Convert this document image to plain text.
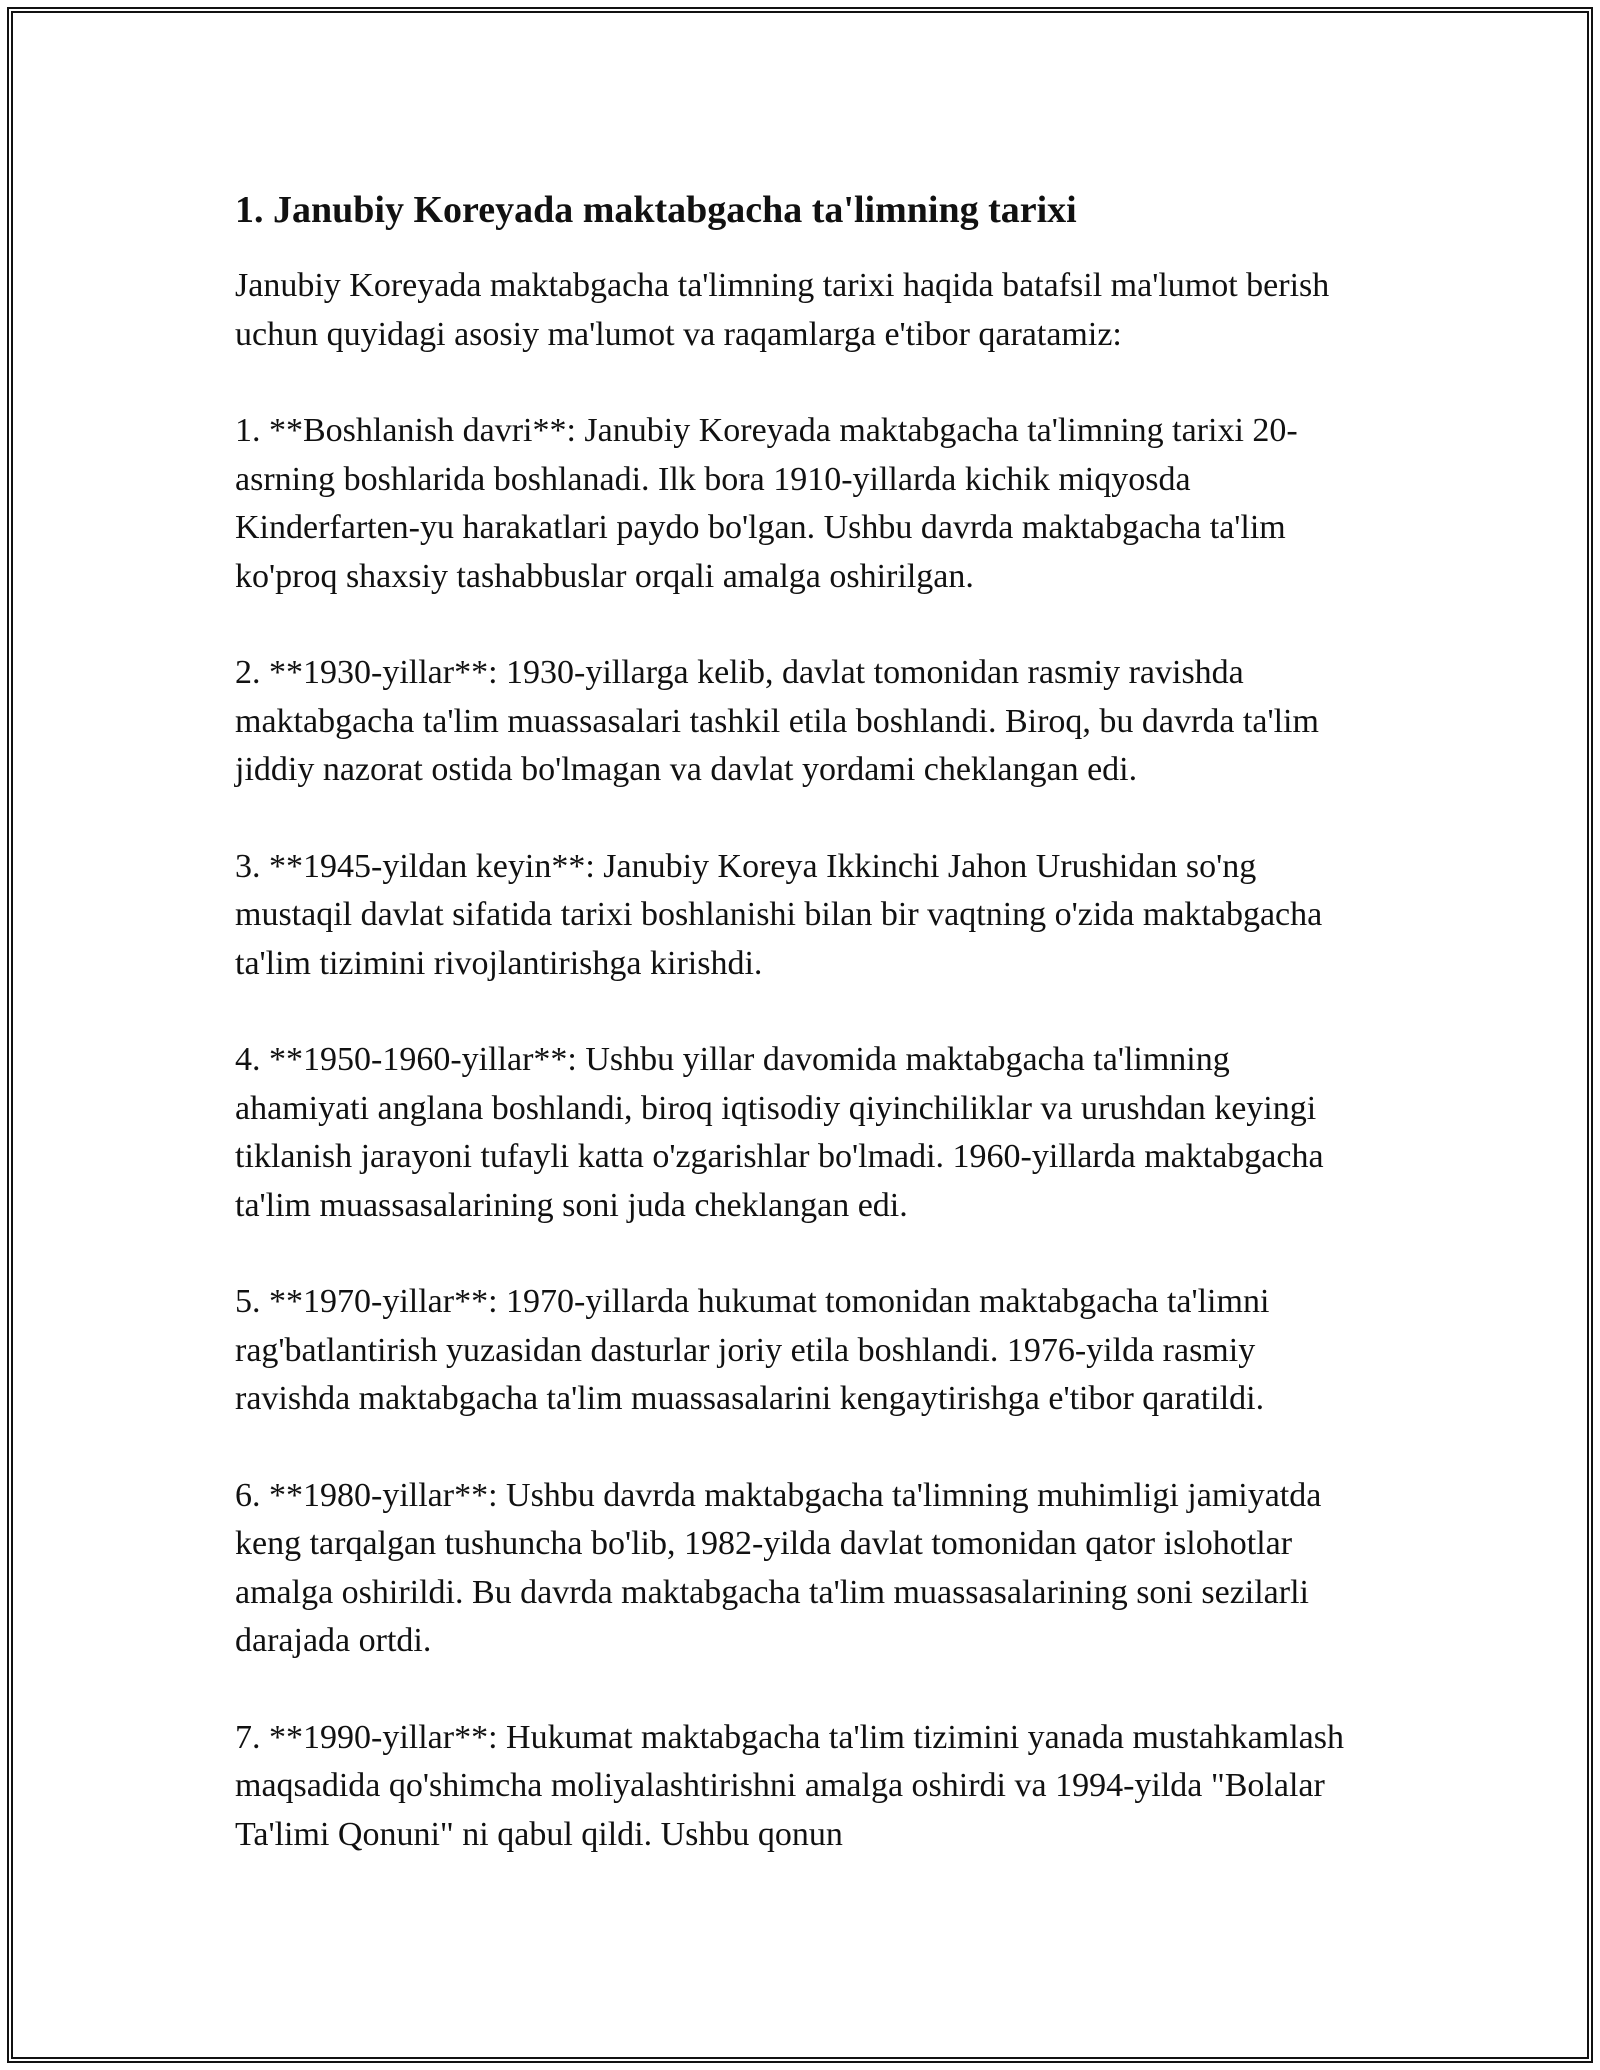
1. Janubiy Koreyada maktabgacha ta'limning tarixi

Janubiy Koreyada maktabgacha ta'limning tarixi haqida batafsil ma'lumot berish uchun quyidagi asosiy ma'lumot va raqamlarga e'tibor qaratamiz:

1. **Boshlanish davri**: Janubiy Koreyada maktabgacha ta'limning tarixi 20-asrning boshlarida boshlanadi. Ilk bora 1910-yillarda kichik miqyosda Kinderfarten-yu harakatlari paydo bo'lgan. Ushbu davrda maktabgacha ta'lim ko'proq shaxsiy tashabbuslar orqali amalga oshirilgan.

2. **1930-yillar**: 1930-yillarga kelib, davlat tomonidan rasmiy ravishda maktabgacha ta'lim muassasalari tashkil etila boshlandi. Biroq, bu davrda ta'lim jiddiy nazorat ostida bo'lmagan va davlat yordami cheklangan edi.

3. **1945-yildan keyin**: Janubiy Koreya Ikkinchi Jahon Urushidan so'ng mustaqil davlat sifatida tarixi boshlanishi bilan bir vaqtning o'zida maktabgacha ta'lim tizimini rivojlantirishga kirishdi.

4. **1950-1960-yillar**: Ushbu yillar davomida maktabgacha ta'limning ahamiyati anglana boshlandi, biroq iqtisodiy qiyinchiliklar va urushdan keyingi tiklanish jarayoni tufayli katta o'zgarishlar bo'lmadi. 1960-yillarda maktabgacha ta'lim muassasalarining soni juda cheklangan edi.

5. **1970-yillar**: 1970-yillarda hukumat tomonidan maktabgacha ta'limni rag'batlantirish yuzasidan dasturlar joriy etila boshlandi. 1976-yilda rasmiy ravishda maktabgacha ta'lim muassasalarini kengaytirishga e'tibor qaratildi.

6. **1980-yillar**: Ushbu davrda maktabgacha ta'limning muhimligi jamiyatda keng tarqalgan tushuncha bo'lib, 1982-yilda davlat tomonidan qator islohotlar amalga oshirildi. Bu davrda maktabgacha ta'lim muassasalarining soni sezilarli darajada ortdi.

7. **1990-yillar**: Hukumat maktabgacha ta'lim tizimini yanada mustahkamlash maqsadida qo'shimcha moliyalashtirishni amalga oshirdi va 1994-yilda "Bolalar Ta'limi Qonuni" ni qabul qildi. Ushbu qonun
